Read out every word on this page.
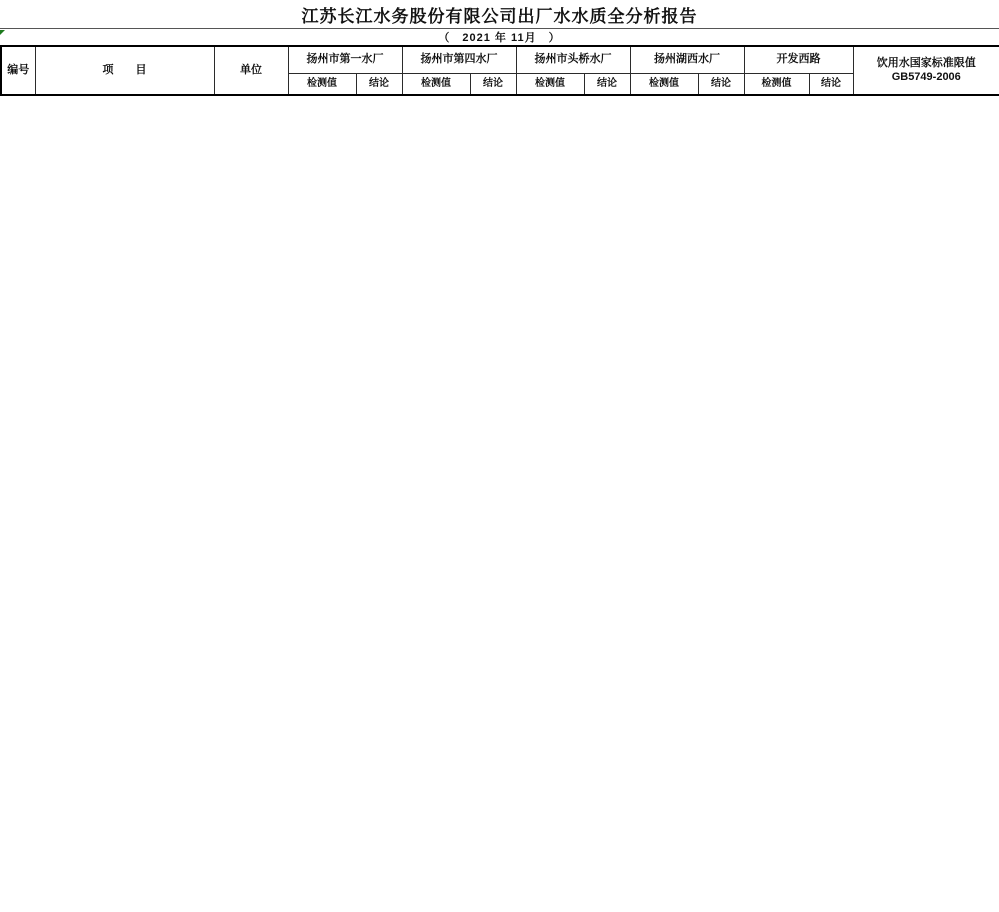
江苏长江水务股份有限公司出厂水水质全分析报告
（　2021 年 11月　）
编号	项　　目	单位	扬州市第一水厂		扬州市第四水厂		扬州市头桥水厂		扬州湖西水厂		开发西路		饮用水国家标准限值
GB5749-2006

			检测值	结论	检测值	结论	检测值	结论	检测值	结论	检测值	结论	
